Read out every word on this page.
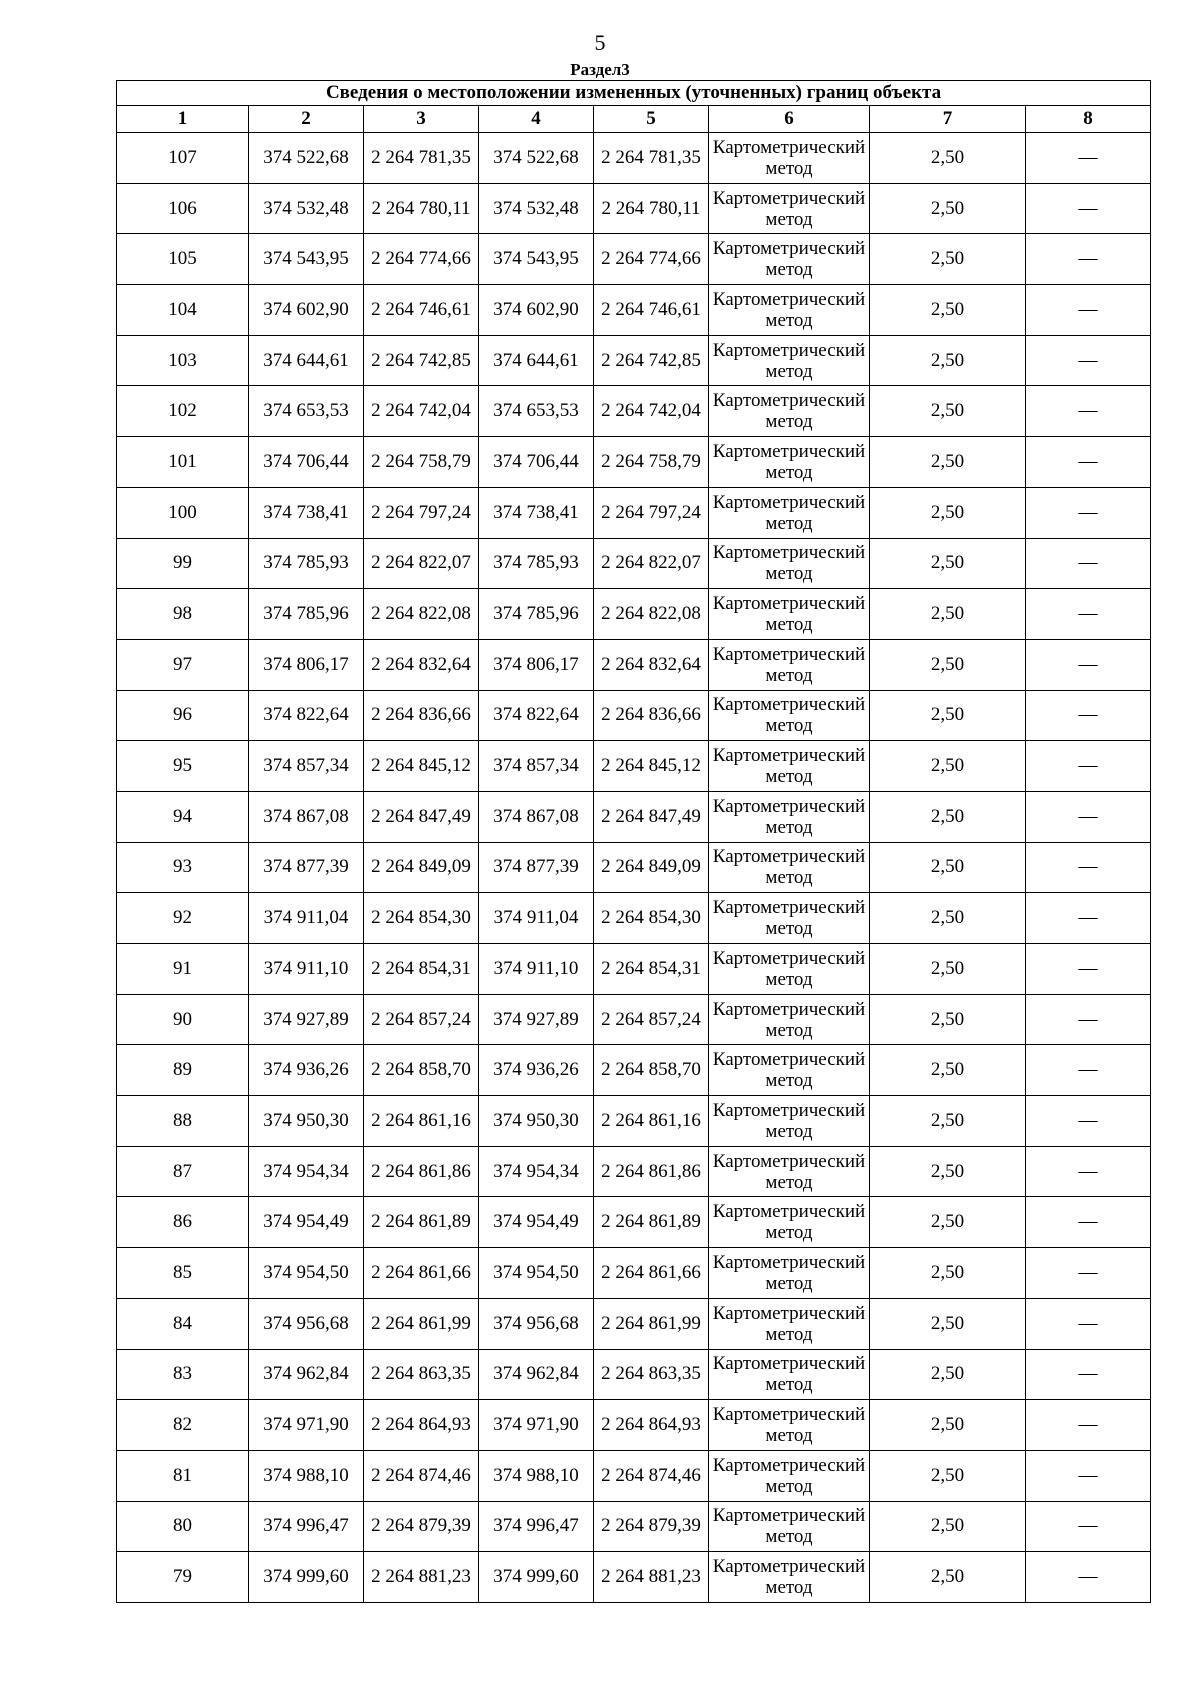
5
Раздел3
Сведения о местоположении измененных (уточненных) границ объекта							
1	2	3	4	5	6	7	8
107	374 522,68	2 264 781,35	374 522,68	2 264 781,35	Картометрический метод	2,50	—
106	374 532,48	2 264 780,11	374 532,48	2 264 780,11	Картометрический метод	2,50	—
105	374 543,95	2 264 774,66	374 543,95	2 264 774,66	Картометрический метод	2,50	—
104	374 602,90	2 264 746,61	374 602,90	2 264 746,61	Картометрический метод	2,50	—
103	374 644,61	2 264 742,85	374 644,61	2 264 742,85	Картометрический метод	2,50	—
102	374 653,53	2 264 742,04	374 653,53	2 264 742,04	Картометрический метод	2,50	—
101	374 706,44	2 264 758,79	374 706,44	2 264 758,79	Картометрический метод	2,50	—
100	374 738,41	2 264 797,24	374 738,41	2 264 797,24	Картометрический метод	2,50	—
99	374 785,93	2 264 822,07	374 785,93	2 264 822,07	Картометрический метод	2,50	—
98	374 785,96	2 264 822,08	374 785,96	2 264 822,08	Картометрический метод	2,50	—
97	374 806,17	2 264 832,64	374 806,17	2 264 832,64	Картометрический метод	2,50	—
96	374 822,64	2 264 836,66	374 822,64	2 264 836,66	Картометрический метод	2,50	—
95	374 857,34	2 264 845,12	374 857,34	2 264 845,12	Картометрический метод	2,50	—
94	374 867,08	2 264 847,49	374 867,08	2 264 847,49	Картометрический метод	2,50	—
93	374 877,39	2 264 849,09	374 877,39	2 264 849,09	Картометрический метод	2,50	—
92	374 911,04	2 264 854,30	374 911,04	2 264 854,30	Картометрический метод	2,50	—
91	374 911,10	2 264 854,31	374 911,10	2 264 854,31	Картометрический метод	2,50	—
90	374 927,89	2 264 857,24	374 927,89	2 264 857,24	Картометрический метод	2,50	—
89	374 936,26	2 264 858,70	374 936,26	2 264 858,70	Картометрический метод	2,50	—
88	374 950,30	2 264 861,16	374 950,30	2 264 861,16	Картометрический метод	2,50	—
87	374 954,34	2 264 861,86	374 954,34	2 264 861,86	Картометрический метод	2,50	—
86	374 954,49	2 264 861,89	374 954,49	2 264 861,89	Картометрический метод	2,50	—
85	374 954,50	2 264 861,66	374 954,50	2 264 861,66	Картометрический метод	2,50	—
84	374 956,68	2 264 861,99	374 956,68	2 264 861,99	Картометрический метод	2,50	—
83	374 962,84	2 264 863,35	374 962,84	2 264 863,35	Картометрический метод	2,50	—
82	374 971,90	2 264 864,93	374 971,90	2 264 864,93	Картометрический метод	2,50	—
81	374 988,10	2 264 874,46	374 988,10	2 264 874,46	Картометрический метод	2,50	—
80	374 996,47	2 264 879,39	374 996,47	2 264 879,39	Картометрический метод	2,50	—
79	374 999,60	2 264 881,23	374 999,60	2 264 881,23	Картометрический метод	2,50	—
